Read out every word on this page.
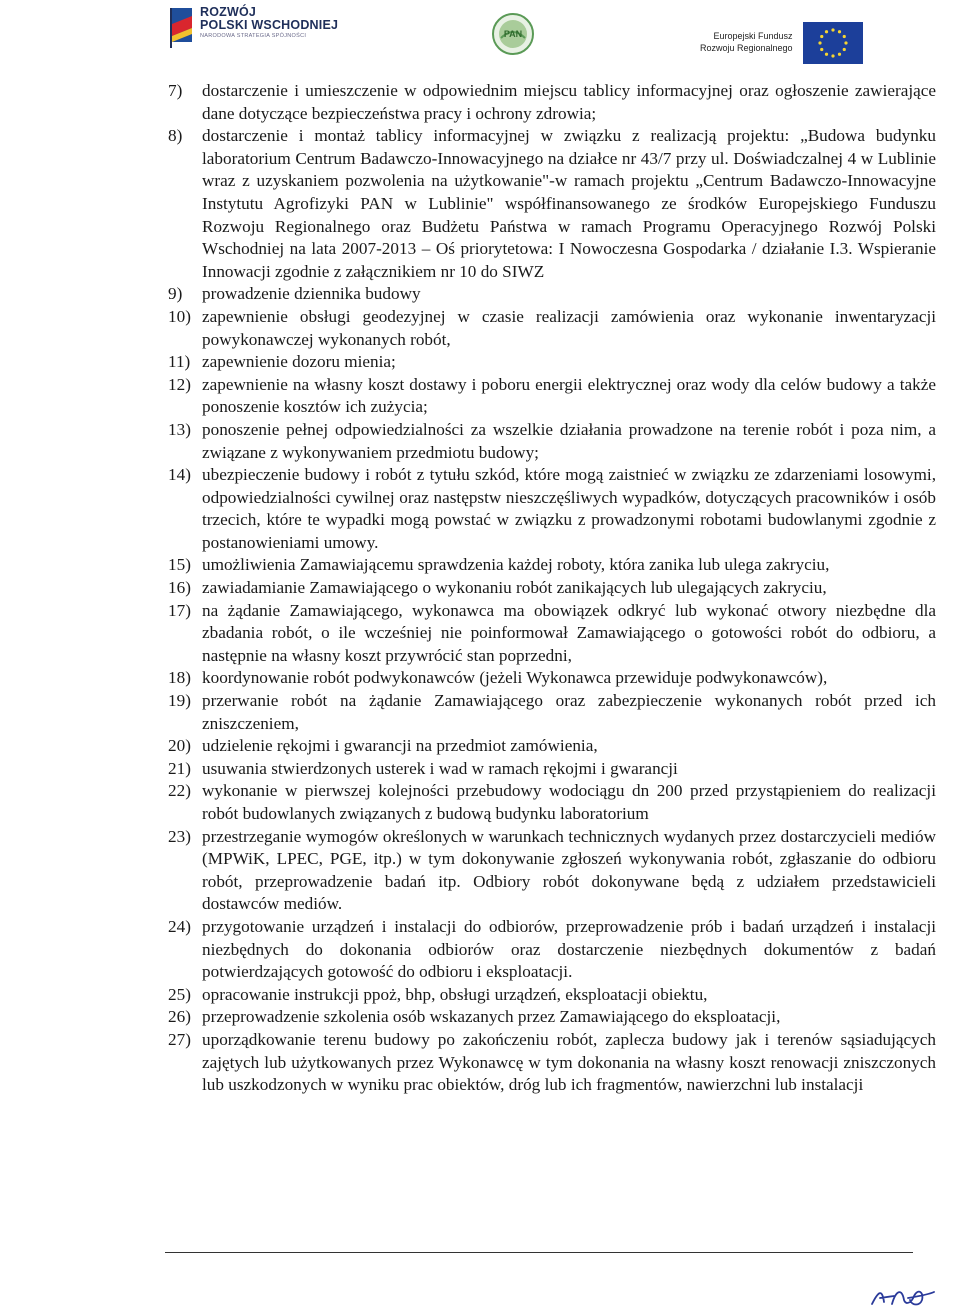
ROZWÓJ
POLSKI WSCHODNIEJ
NARODOWA STRATEGIA SPÓJNOŚCI	PAN	Europejski Fundusz
Rozwoju Regionalnego
7)	dostarczenie i umieszczenie w odpowiednim miejscu tablicy informacyjnej oraz ogłoszenie zawierające dane dotyczące bezpieczeństwa pracy i ochrony zdrowia;
8)	dostarczenie i montaż tablicy informacyjnej w związku z realizacją projektu: „Budowa budynku laboratorium Centrum Badawczo-Innowacyjnego na działce nr 43/7 przy ul. Doświadczalnej 4 w Lublinie wraz z uzyskaniem pozwolenia na użytkowanie"-w ramach projektu „Centrum Badawczo-Innowacyjne Instytutu Agrofizyki PAN w Lublinie" współfinansowanego ze środków Europejskiego Funduszu Rozwoju Regionalnego oraz Budżetu Państwa w ramach Programu Operacyjnego Rozwój Polski Wschodniej na lata 2007-2013 – Oś priorytetowa: I Nowoczesna Gospodarka / działanie I.3. Wspieranie Innowacji zgodnie z załącznikiem nr 10 do SIWZ
9)	prowadzenie dziennika budowy
10) zapewnienie obsługi geodezyjnej w czasie realizacji zamówienia oraz wykonanie inwentaryzacji powykonawczej wykonanych robót,
11) zapewnienie dozoru mienia;
12) zapewnienie na własny koszt dostawy i poboru energii elektrycznej oraz wody dla celów budowy a także ponoszenie kosztów ich zużycia;
13) ponoszenie pełnej odpowiedzialności za wszelkie działania prowadzone na terenie robót i poza nim, a związane z wykonywaniem przedmiotu budowy;
14) ubezpieczenie budowy i robót z tytułu szkód, które mogą zaistnieć w związku ze zdarzeniami losowymi, odpowiedzialności cywilnej oraz następstw nieszczęśliwych wypadków, dotyczących pracowników i osób trzecich, które te wypadki mogą powstać w związku z prowadzonymi robotami budowlanymi zgodnie z postanowieniami umowy.
15) umożliwienia Zamawiającemu sprawdzenia każdej roboty, która zanika lub ulega zakryciu,
16) zawiadamianie Zamawiającego o wykonaniu robót zanikających lub ulegających zakryciu,
17) na żądanie Zamawiającego, wykonawca ma obowiązek odkryć lub wykonać otwory niezbędne dla zbadania robót, o ile wcześniej nie poinformował Zamawiającego o gotowości robót do odbioru, a następnie na własny koszt przywrócić stan poprzedni,
18) koordynowanie robót podwykonawców (jeżeli Wykonawca przewiduje podwykonawców),
19) przerwanie robót na żądanie Zamawiającego oraz zabezpieczenie wykonanych robót przed ich zniszczeniem,
20) udzielenie rękojmi i gwarancji na przedmiot zamówienia,
21) usuwania stwierdzonych usterek i wad w ramach rękojmi i gwarancji
22) wykonanie w pierwszej kolejności przebudowy wodociągu dn 200 przed przystąpieniem do realizacji robót budowlanych związanych z budową budynku laboratorium
23) przestrzeganie wymogów określonych w warunkach technicznych wydanych przez dostarczycieli mediów (MPWiK, LPEC, PGE, itp.) w tym dokonywanie zgłoszeń wykonywania robót, zgłaszanie do odbioru robót, przeprowadzenie badań itp. Odbiory robót dokonywane będą z udziałem przedstawicieli dostawców mediów.
24) przygotowanie urządzeń i instalacji do odbiorów, przeprowadzenie prób i badań urządzeń i instalacji niezbędnych do dokonania odbiorów oraz dostarczenie niezbędnych dokumentów z badań potwierdzających gotowość do odbioru i eksploatacji.
25) opracowanie instrukcji ppoż, bhp, obsługi urządzeń, eksploatacji obiektu,
26) przeprowadzenie szkolenia osób wskazanych przez Zamawiającego do eksploatacji,
27) uporządkowanie terenu budowy po zakończeniu robót, zaplecza budowy jak i terenów sąsiadujących zajętych lub użytkowanych przez Wykonawcę w tym dokonania na własny koszt renowacji zniszczonych lub uszkodzonych w wyniku prac obiektów, dróg lub ich fragmentów, nawierzchni lub instalacji
